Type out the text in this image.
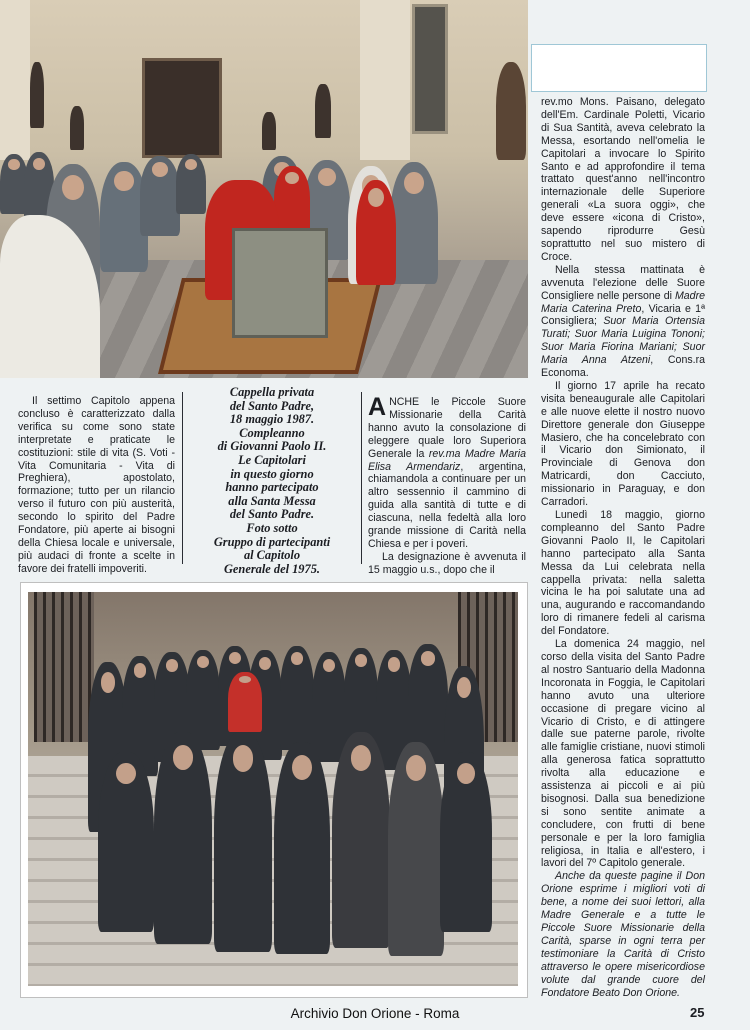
Il settimo Capitolo appena concluso è caratterizzato dalla verifica su come sono state interpretate e praticate le costituzioni: stile di vita (S. Voti - Vita Comunitaria - Vita di Preghiera), apostolato, formazione; tutto per un rilancio verso il futuro con più austerità, secondo lo spirito del Padre Fondatore, più aperte ai bisogni della Chiesa locale e universale, più audaci di fronte a scelte in favore dei fratelli impoveriti.

Cappella privata
del Santo Padre,
18 maggio 1987.
Compleanno
di Giovanni Paolo II.
Le Capitolari
in questo giorno
hanno partecipato
alla Santa Messa
del Santo Padre.
Foto sotto
Gruppo di partecipanti
al Capitolo
Generale del 1975.

ANCHE le Piccole Suore Missionarie della Carità hanno avuto la consolazione di eleggere quale loro Superiora Generale la rev.ma Madre Maria Elisa Armendariz, argentina, chiamandola a continuare per un altro sessennio il cammino di guida alla santità di tutte e di ciascuna, nella fedeltà alla loro grande missione di Carità nella Chiesa e per i poveri.

La designazione è avvenuta il 15 maggio u.s., dopo che il

rev.mo Mons. Paisano, delegato dell'Em. Cardinale Poletti, Vicario di Sua Santità, aveva celebrato la Messa, esortando nell'omelia le Capitolari a invocare lo Spirito Santo e ad approfondire il tema trattato quest'anno nell'incontro internazionale delle Superiore generali «La suora oggi», che deve essere «icona di Cristo», sapendo riprodurre Gesù soprattutto nel suo mistero di Croce.

Nella stessa mattinata è avvenuta l'elezione delle Suore Consigliere nelle persone di Madre Maria Caterina Preto, Vicaria e 1ª Consigliera; Suor Maria Ortensia Turati; Suor Maria Luigina Tononi; Suor Maria Fiorina Mariani; Suor Maria Anna Atzeni, Cons.ra Economa.

Il giorno 17 aprile ha recato visita beneaugurale alle Capitolari e alle nuove elette il nostro nuovo Direttore generale don Giuseppe Masiero, che ha concelebrato con il Vicario don Simionato, il Provinciale di Genova don Matricardi, don Cacciuto, missionario in Paraguay, e don Carradori.

Lunedì 18 maggio, giorno compleanno del Santo Padre Giovanni Paolo II, le Capitolari hanno partecipato alla Santa Messa da Lui celebrata nella cappella privata: nella saletta vicina le ha poi salutate una ad una, augurando e raccomandando loro di rimanere fedeli al carisma del Fondatore.

La domenica 24 maggio, nel corso della visita del Santo Padre al nostro Santuario della Madonna Incoronata in Foggia, le Capitolari hanno avuto una ulteriore occasione di pregare vicino al Vicario di Cristo, e di attingere dalle sue paterne parole, rivolte alle famiglie cristiane, nuovi stimoli alla generosa fatica soprattutto rivolta alla educazione e assistenza ai piccoli e ai più bisognosi. Dalla sua benedizione si sono sentite animate a concludere, con frutti di bene personale e per la loro famiglia religiosa, in Italia e all'estero, i lavori del 7º Capitolo generale.

Anche da queste pagine il Don Orione esprime i migliori voti di bene, a nome dei suoi lettori, alla Madre Generale e a tutte le Piccole Suore Missionarie della Carità, sparse in ogni terra per testimoniare la Carità di Cristo attraverso le opere misericordiose volute dal grande cuore del Fondatore Beato Don Orione.

Archivio Don Orione - Roma	25
